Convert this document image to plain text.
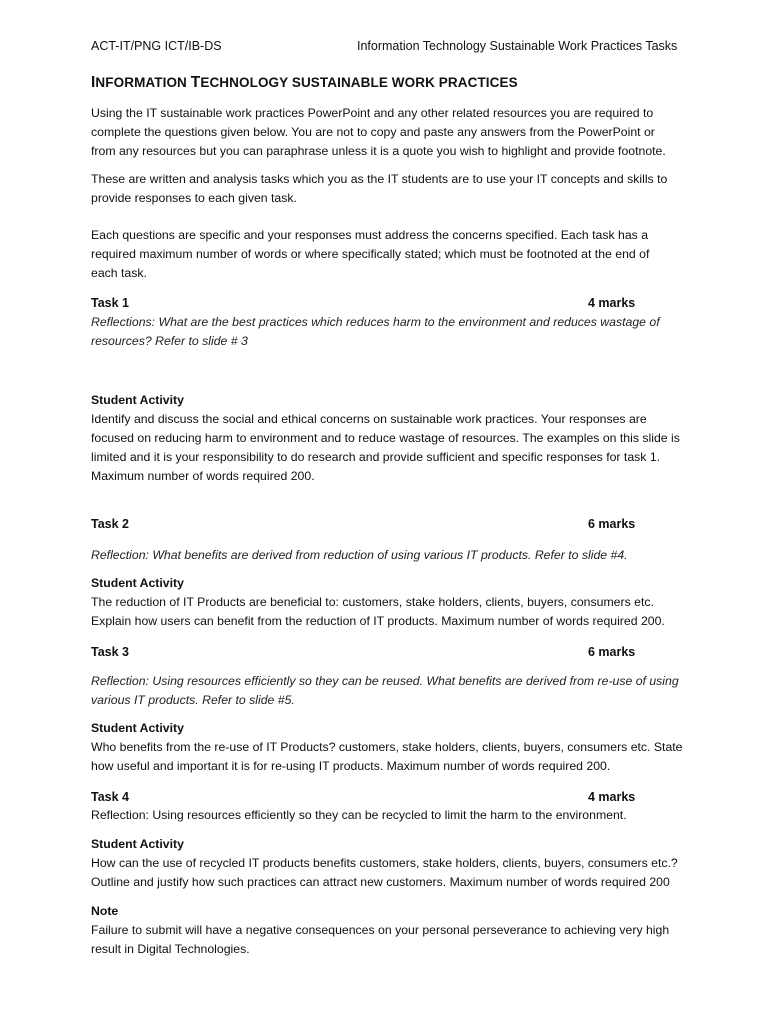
ACT-IT/PNG ICT/IB-DS	Information Technology Sustainable Work Practices Tasks
INFORMATION TECHNOLOGY SUSTAINABLE WORK PRACTICES
Using the IT sustainable work practices PowerPoint and any other related resources you are required to
complete the questions given below. You are not to copy and paste any answers from the PowerPoint or
from any resources but you can paraphrase unless it is a quote you wish to highlight and provide footnote.
These are written and analysis tasks which you as the IT students are to use your IT concepts and skills to
provide responses to each given task.
Each questions are specific and your responses must address the concerns specified. Each task has a
required maximum number of words or where specifically stated; which must be footnoted at the end of
each task.
Task 1	4 marks
Reflections: What are the best practices which reduces harm to the environment and reduces wastage of
resources? Refer to slide # 3
Student Activity
Identify and discuss the social and ethical concerns on sustainable work practices. Your responses are
focused on reducing harm to environment and to reduce wastage of resources. The examples on this slide is
limited and it is your responsibility to do research and provide sufficient and specific responses for task 1.
Maximum number of words required 200.
Task 2	6 marks
Reflection: What benefits are derived from reduction of using various IT products. Refer to slide #4.
Student Activity
The reduction of IT Products are beneficial to: customers, stake holders, clients, buyers, consumers etc.
Explain how users can benefit from the reduction of IT products. Maximum number of words required 200.
Task 3	6 marks
Reflection: Using resources efficiently so they can be reused. What benefits are derived from re-use of using
various IT products. Refer to slide #5.
Student Activity
Who benefits from the re-use of IT Products? customers, stake holders, clients, buyers, consumers etc. State
how useful and important it is for re-using IT products. Maximum number of words required 200.
Task 4	4 marks
Reflection: Using resources efficiently so they can be recycled to limit the harm to the environment.
Student Activity
How can the use of recycled IT products benefits customers, stake holders, clients, buyers, consumers etc.?
Outline and justify how such practices can attract new customers. Maximum number of words required 200
Note
Failure to submit will have a negative consequences on your personal perseverance to achieving very high
result in Digital Technologies.
